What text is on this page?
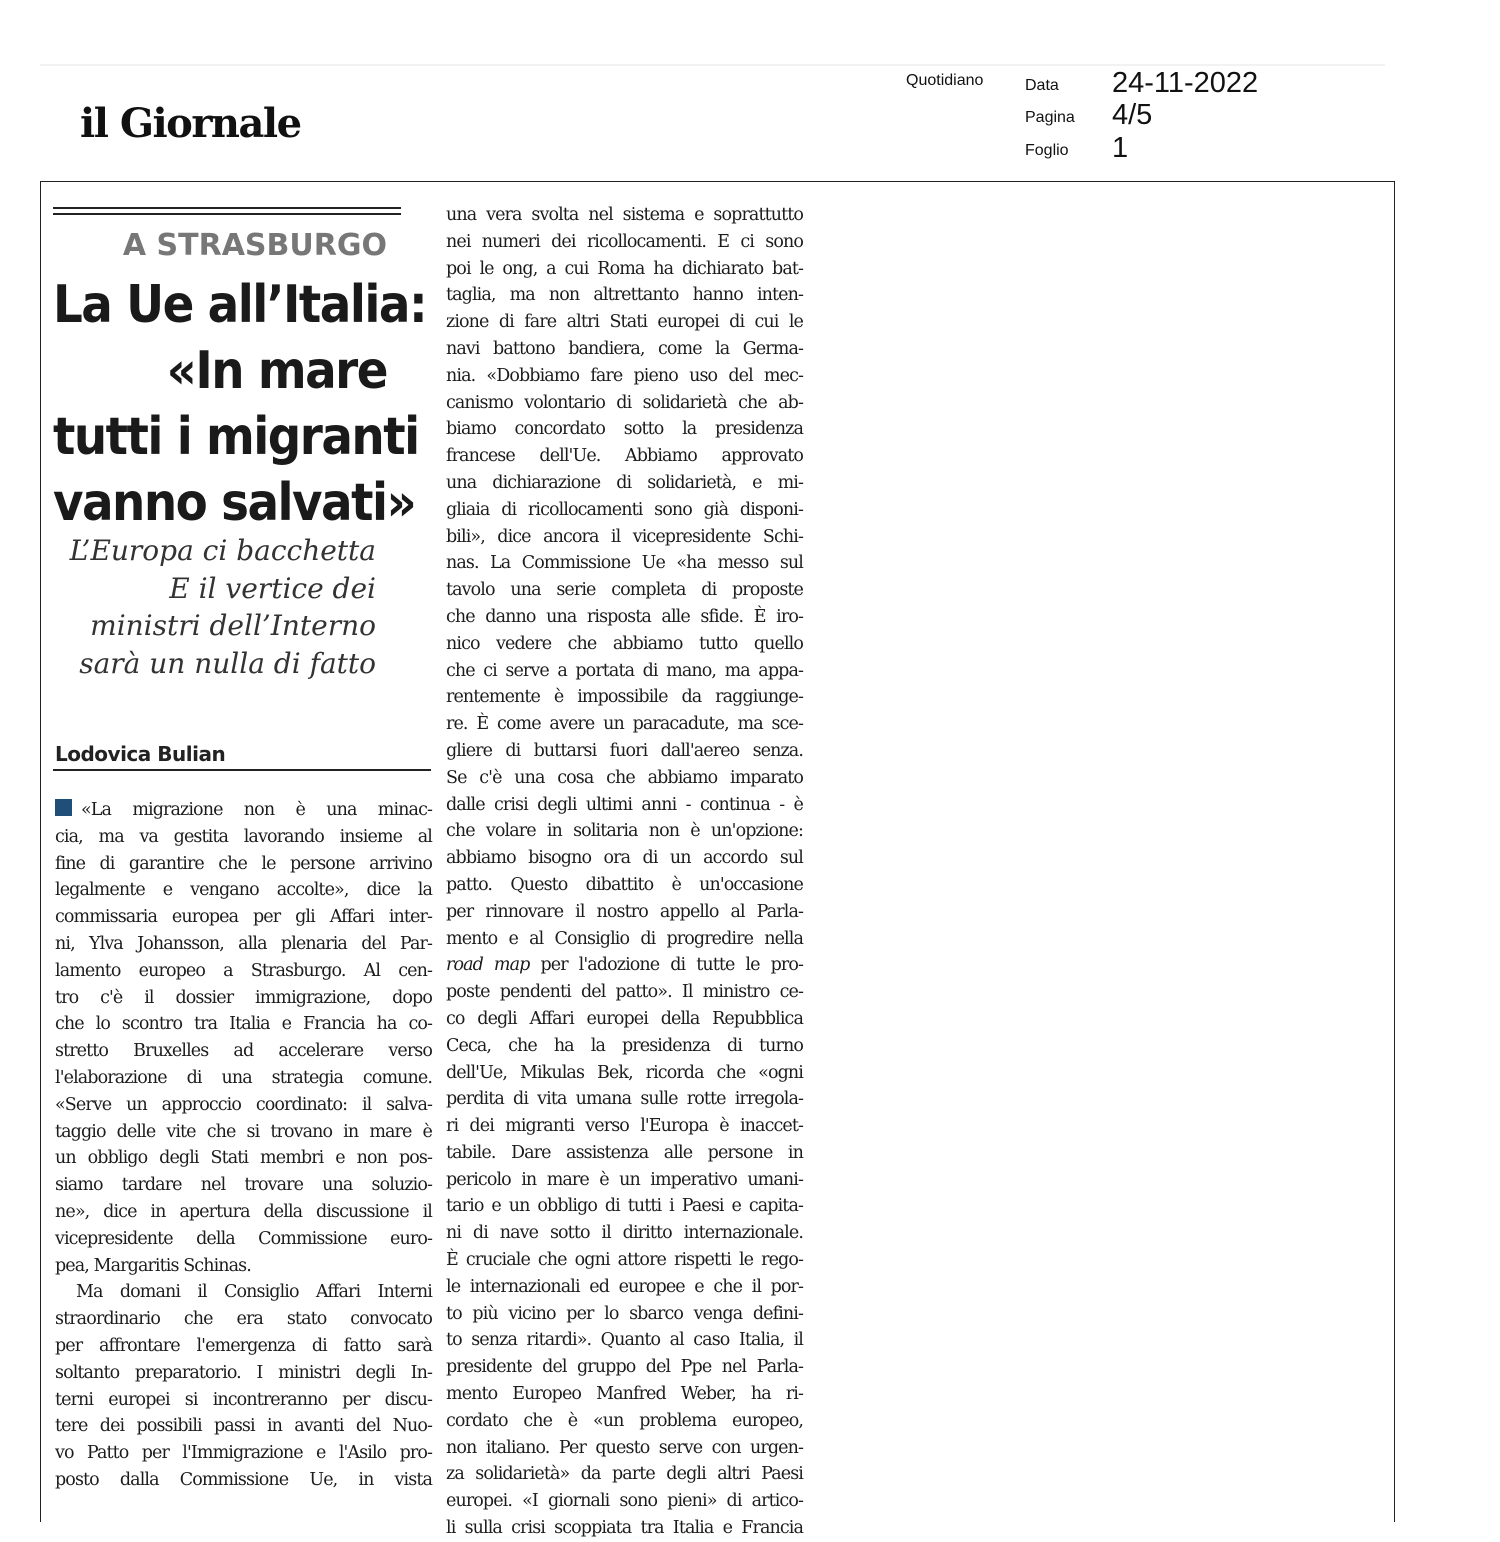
il Giornale
Quotidiano	Data 24-11-2022
Pagina 4/5
Foglio 1
A STRASBURGO
La Ue all’Italia:
«In mare
tutti i migranti
vanno salvati»
L’Europa ci bacchetta
E il vertice dei
ministri dell’Interno
sarà un nulla di fatto
Lodovica Bulian
«La migrazione non è una minac-
cia, ma va gestita lavorando insieme al
fine di garantire che le persone arrivino
legalmente e vengano accolte», dice la
commissaria europea per gli Affari inter-
ni, Ylva Johansson, alla plenaria del Par-
lamento europeo a Strasburgo. Al cen-
tro c'è il dossier immigrazione, dopo
che lo scontro tra Italia e Francia ha co-
stretto Bruxelles ad accelerare verso
l'elaborazione di una strategia comune.
«Serve un approccio coordinato: il salva-
taggio delle vite che si trovano in mare è
un obbligo degli Stati membri e non pos-
siamo tardare nel trovare una soluzio-
ne», dice in apertura della discussione il
vicepresidente della Commissione euro-
pea, Margaritis Schinas.
Ma domani il Consiglio Affari Interni
straordinario che era stato convocato
per affrontare l'emergenza di fatto sarà
soltanto preparatorio. I ministri degli In-
terni europei si incontreranno per discu-
tere dei possibili passi in avanti del Nuo-
vo Patto per l'Immigrazione e l'Asilo pro-
posto dalla Commissione Ue, in vista
una vera svolta nel sistema e soprattutto
nei numeri dei ricollocamenti. E ci sono
poi le ong, a cui Roma ha dichiarato bat-
taglia, ma non altrettanto hanno inten-
zione di fare altri Stati europei di cui le
navi battono bandiera, come la Germa-
nia. «Dobbiamo fare pieno uso del mec-
canismo volontario di solidarietà che ab-
biamo concordato sotto la presidenza
francese dell'Ue. Abbiamo approvato
una dichiarazione di solidarietà, e mi-
gliaia di ricollocamenti sono già disponi-
bili», dice ancora il vicepresidente Schi-
nas. La Commissione Ue «ha messo sul
tavolo una serie completa di proposte
che danno una risposta alle sfide. È iro-
nico vedere che abbiamo tutto quello
che ci serve a portata di mano, ma appa-
rentemente è impossibile da raggiunge-
re. È come avere un paracadute, ma sce-
gliere di buttarsi fuori dall'aereo senza.
Se c'è una cosa che abbiamo imparato
dalle crisi degli ultimi anni - continua - è
che volare in solitaria non è un'opzione:
abbiamo bisogno ora di un accordo sul
patto. Questo dibattito è un'occasione
per rinnovare il nostro appello al Parla-
mento e al Consiglio di progredire nella
road map per l'adozione di tutte le pro-
poste pendenti del patto». Il ministro ce-
co degli Affari europei della Repubblica
Ceca, che ha la presidenza di turno
dell'Ue, Mikulas Bek, ricorda che «ogni
perdita di vita umana sulle rotte irregola-
ri dei migranti verso l'Europa è inaccet-
tabile. Dare assistenza alle persone in
pericolo in mare è un imperativo umani-
tario e un obbligo di tutti i Paesi e capita-
ni di nave sotto il diritto internazionale.
È cruciale che ogni attore rispetti le rego-
le internazionali ed europee e che il por-
to più vicino per lo sbarco venga defini-
to senza ritardi». Quanto al caso Italia, il
presidente del gruppo del Ppe nel Parla-
mento Europeo Manfred Weber, ha ri-
cordato che è «un problema europeo,
non italiano. Per questo serve con urgen-
za solidarietà» da parte degli altri Paesi
europei. «I giornali sono pieni» di artico-
li sulla crisi scoppiata tra Italia e Francia
